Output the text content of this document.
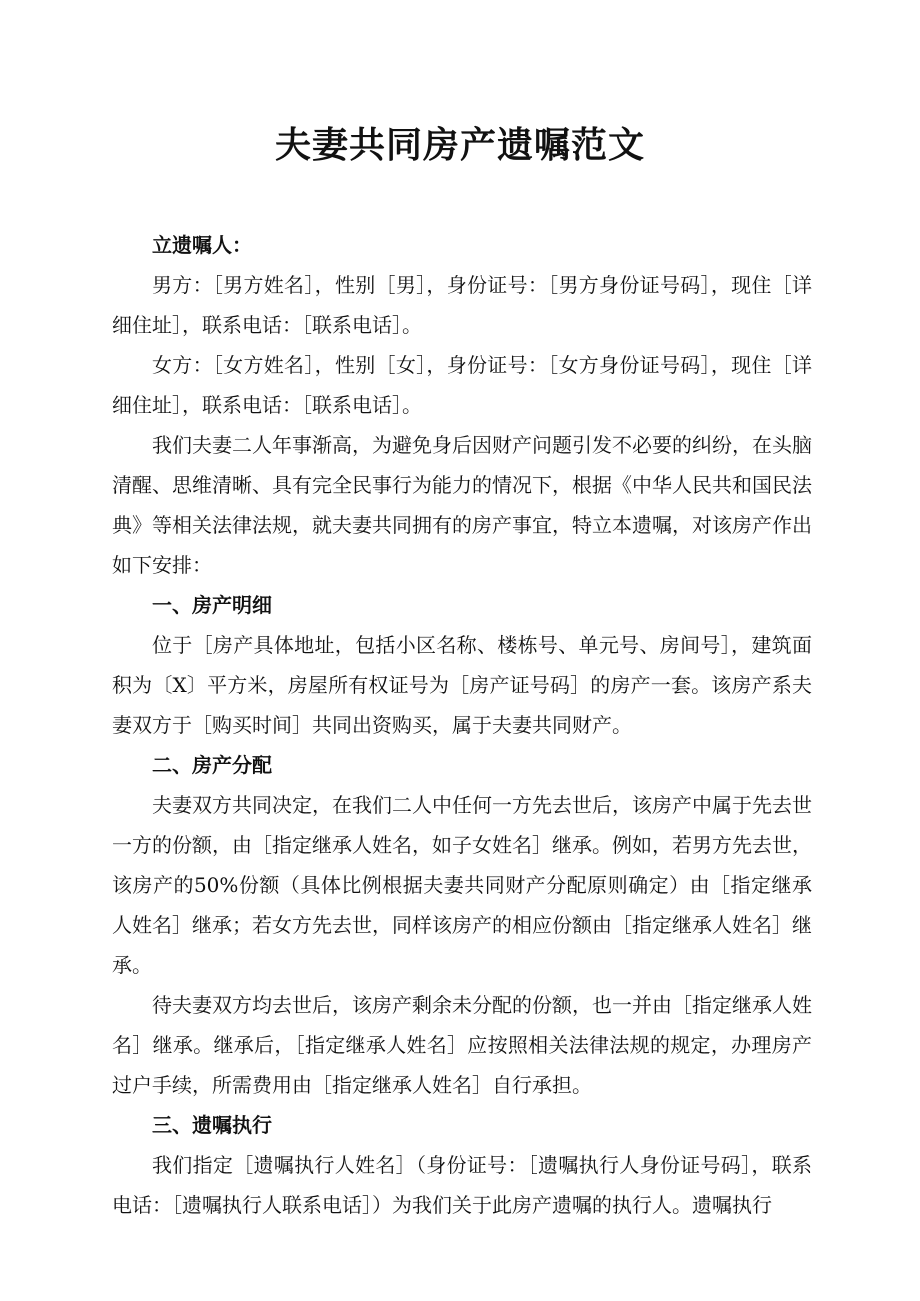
夫妻共同房产遗嘱范文

立遗嘱人：

男方：［男方姓名］，性别［男］，身份证号：［男方身份证号码］，现住［详细住址］，联系电话：［联系电话］。

女方：［女方姓名］，性别［女］，身份证号：［女方身份证号码］，现住［详细住址］，联系电话：［联系电话］。

我们夫妻二人年事渐高，为避免身后因财产问题引发不必要的纠纷，在头脑清醒、思维清晰、具有完全民事行为能力的情况下，根据《中华人民共和国民法典》等相关法律法规，就夫妻共同拥有的房产事宜，特立本遗嘱，对该房产作出如下安排：

一、房产明细

位于［房产具体地址，包括小区名称、楼栋号、单元号、房间号］，建筑面积为〔X〕平方米，房屋所有权证号为［房产证号码］的房产一套。该房产系夫妻双方于［购买时间］共同出资购买，属于夫妻共同财产。

二、房产分配

夫妻双方共同决定，在我们二人中任何一方先去世后，该房产中属于先去世一方的份额，由［指定继承人姓名，如子女姓名］继承。例如，若男方先去世，该房产的50%份额（具体比例根据夫妻共同财产分配原则确定）由［指定继承人姓名］继承；若女方先去世，同样该房产的相应份额由［指定继承人姓名］继承。

待夫妻双方均去世后，该房产剩余未分配的份额，也一并由［指定继承人姓名］继承。继承后，［指定继承人姓名］应按照相关法律法规的规定，办理房产过户手续，所需费用由［指定继承人姓名］自行承担。

三、遗嘱执行

我们指定［遗嘱执行人姓名］（身份证号：［遗嘱执行人身份证号码］，联系电话：［遗嘱执行人联系电话］）为我们关于此房产遗嘱的执行人。遗嘱执行
